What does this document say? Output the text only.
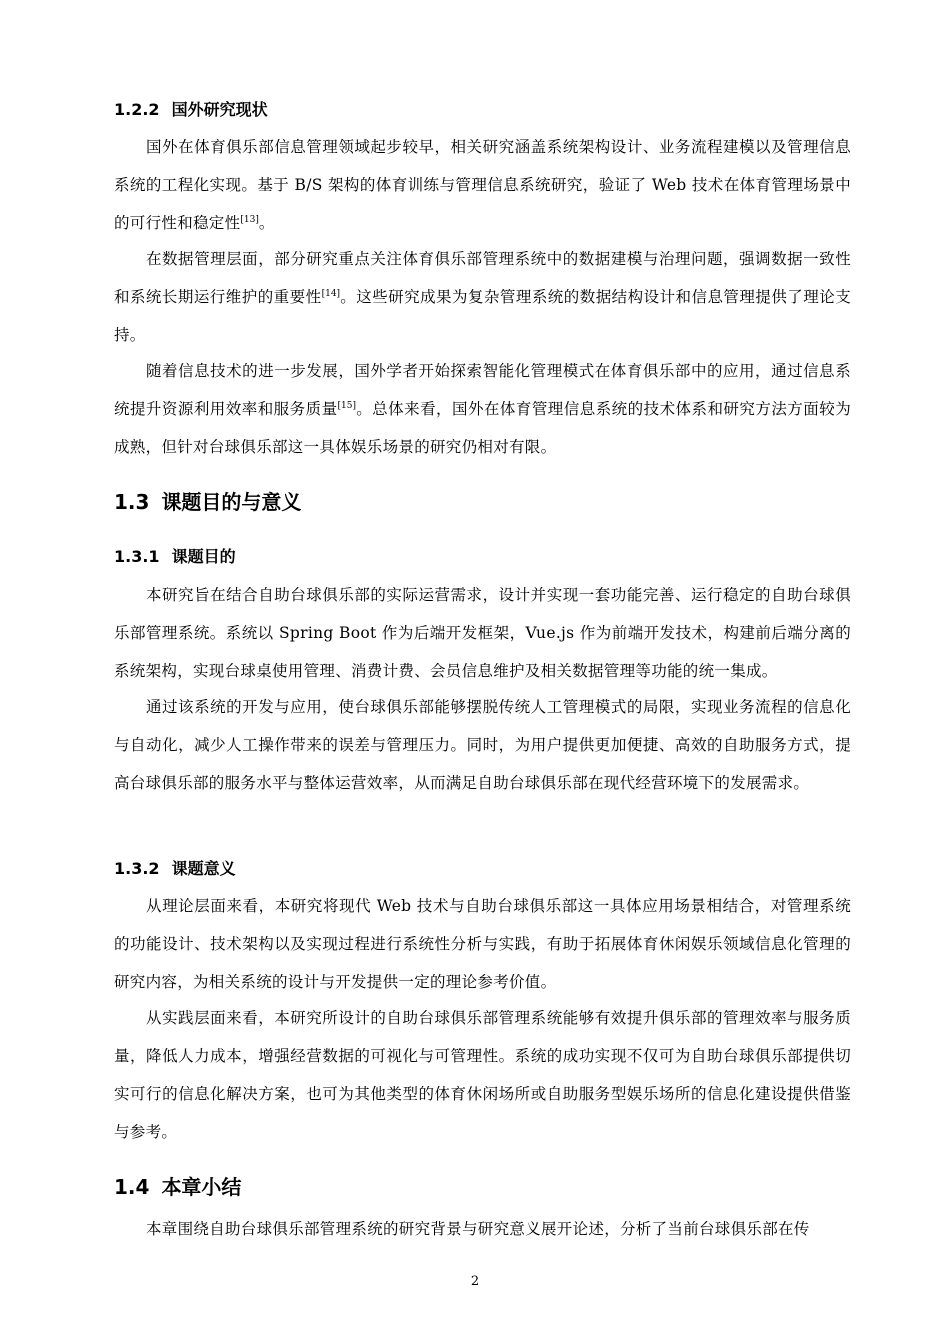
1.2.2 国外研究现状

国外在体育俱乐部信息管理领域起步较早，相关研究涵盖系统架构设计、业务流程建模以及管理信息系统的工程化实现。基于 B/S 架构的体育训练与管理信息系统研究，验证了 Web 技术在体育管理场景中的可行性和稳定性[13]。

在数据管理层面，部分研究重点关注体育俱乐部管理系统中的数据建模与治理问题，强调数据一致性和系统长期运行维护的重要性[14]。这些研究成果为复杂管理系统的数据结构设计和信息管理提供了理论支持。

随着信息技术的进一步发展，国外学者开始探索智能化管理模式在体育俱乐部中的应用，通过信息系统提升资源利用效率和服务质量[15]。总体来看，国外在体育管理信息系统的技术体系和研究方法方面较为成熟，但针对台球俱乐部这一具体娱乐场景的研究仍相对有限。

1.3 课题目的与意义
1.3.1 课题目的

本研究旨在结合自助台球俱乐部的实际运营需求，设计并实现一套功能完善、运行稳定的自助台球俱乐部管理系统。系统以 Spring Boot 作为后端开发框架，Vue.js 作为前端开发技术，构建前后端分离的系统架构，实现台球桌使用管理、消费计费、会员信息维护及相关数据管理等功能的统一集成。

通过该系统的开发与应用，使台球俱乐部能够摆脱传统人工管理模式的局限，实现业务流程的信息化与自动化，减少人工操作带来的误差与管理压力。同时，为用户提供更加便捷、高效的自助服务方式，提高台球俱乐部的服务水平与整体运营效率，从而满足自助台球俱乐部在现代经营环境下的发展需求。

1.3.2 课题意义

从理论层面来看，本研究将现代 Web 技术与自助台球俱乐部这一具体应用场景相结合，对管理系统的功能设计、技术架构以及实现过程进行系统性分析与实践，有助于拓展体育休闲娱乐领域信息化管理的研究内容，为相关系统的设计与开发提供一定的理论参考价值。

从实践层面来看，本研究所设计的自助台球俱乐部管理系统能够有效提升俱乐部的管理效率与服务质量，降低人力成本，增强经营数据的可视化与可管理性。系统的成功实现不仅可为自助台球俱乐部提供切实可行的信息化解决方案，也可为其他类型的体育休闲场所或自助服务型娱乐场所的信息化建设提供借鉴与参考。

1.4 本章小结

本章围绕自助台球俱乐部管理系统的研究背景与研究意义展开论述，分析了当前台球俱乐部在传

2
